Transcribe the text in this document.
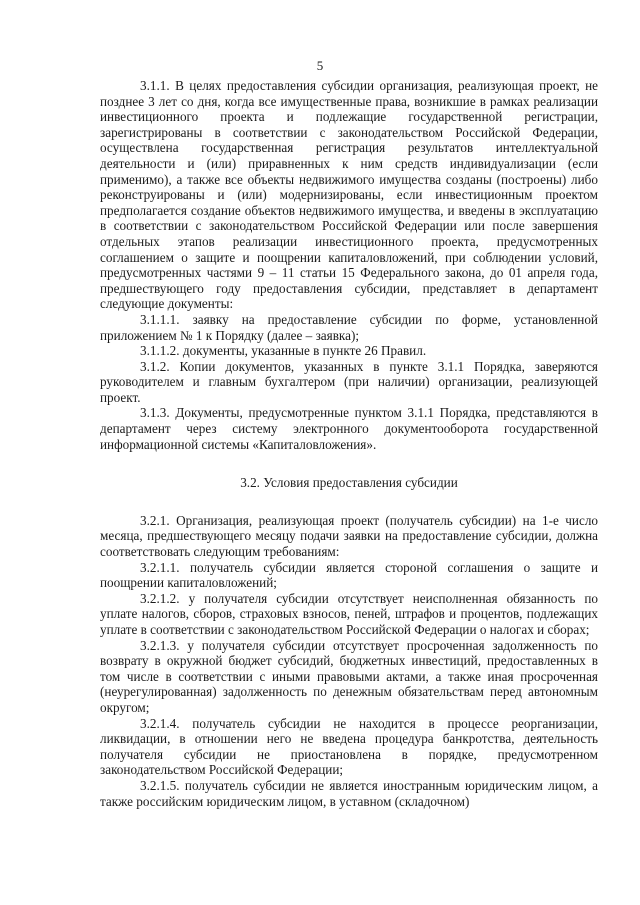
5

3.1.1. В целях предоставления субсидии организация, реализующая проект, не позднее 3 лет со дня, когда все имущественные права, возникшие в рамках реализации инвестиционного проекта и подлежащие государственной регистрации, зарегистрированы в соответствии с законодательством Российской Федерации, осуществлена государственная регистрация результатов интеллектуальной деятельности и (или) приравненных к ним средств индивидуализации (если применимо), а также все объекты недвижимого имущества созданы (построены) либо реконструированы и (или) модернизированы, если инвестиционным проектом предполагается создание объектов недвижимого имущества, и введены в эксплуатацию в соответствии с законодательством Российской Федерации или после завершения отдельных этапов реализации инвестиционного проекта, предусмотренных соглашением о защите и поощрении капиталовложений, при соблюдении условий, предусмотренных частями 9 – 11 статьи 15 Федерального закона, до 01 апреля года, предшествующего году предоставления субсидии, представляет в департамент следующие документы:

3.1.1.1. заявку на предоставление субсидии по форме, установленной приложением № 1 к Порядку (далее – заявка);

3.1.1.2. документы, указанные в пункте 26 Правил.

3.1.2. Копии документов, указанных в пункте 3.1.1 Порядка, заверяются руководителем и главным бухгалтером (при наличии) организации, реализующей проект.

3.1.3. Документы, предусмотренные пунктом 3.1.1 Порядка, представляются в департамент через систему электронного документооборота государственной информационной системы «Капиталовложения».

3.2. Условия предоставления субсидии

3.2.1. Организация, реализующая проект (получатель субсидии) на 1-е число месяца, предшествующего месяцу подачи заявки на предоставление субсидии, должна соответствовать следующим требованиям:

3.2.1.1. получатель субсидии является стороной соглашения о защите и поощрении капиталовложений;

3.2.1.2. у получателя субсидии отсутствует неисполненная обязанность по уплате налогов, сборов, страховых взносов, пеней, штрафов и процентов, подлежащих уплате в соответствии с законодательством Российской Федерации о налогах и сборах;

3.2.1.3. у получателя субсидии отсутствует просроченная задолженность по возврату в окружной бюджет субсидий, бюджетных инвестиций, предоставленных в том числе в соответствии с иными правовыми актами, а также иная просроченная (неурегулированная) задолженность по денежным обязательствам перед автономным округом;

3.2.1.4. получатель субсидии не находится в процессе реорганизации, ликвидации, в отношении него не введена процедура банкротства, деятельность получателя субсидии не приостановлена в порядке, предусмотренном законодательством Российской Федерации;

3.2.1.5. получатель субсидии не является иностранным юридическим лицом, а также российским юридическим лицом, в уставном (складочном)
